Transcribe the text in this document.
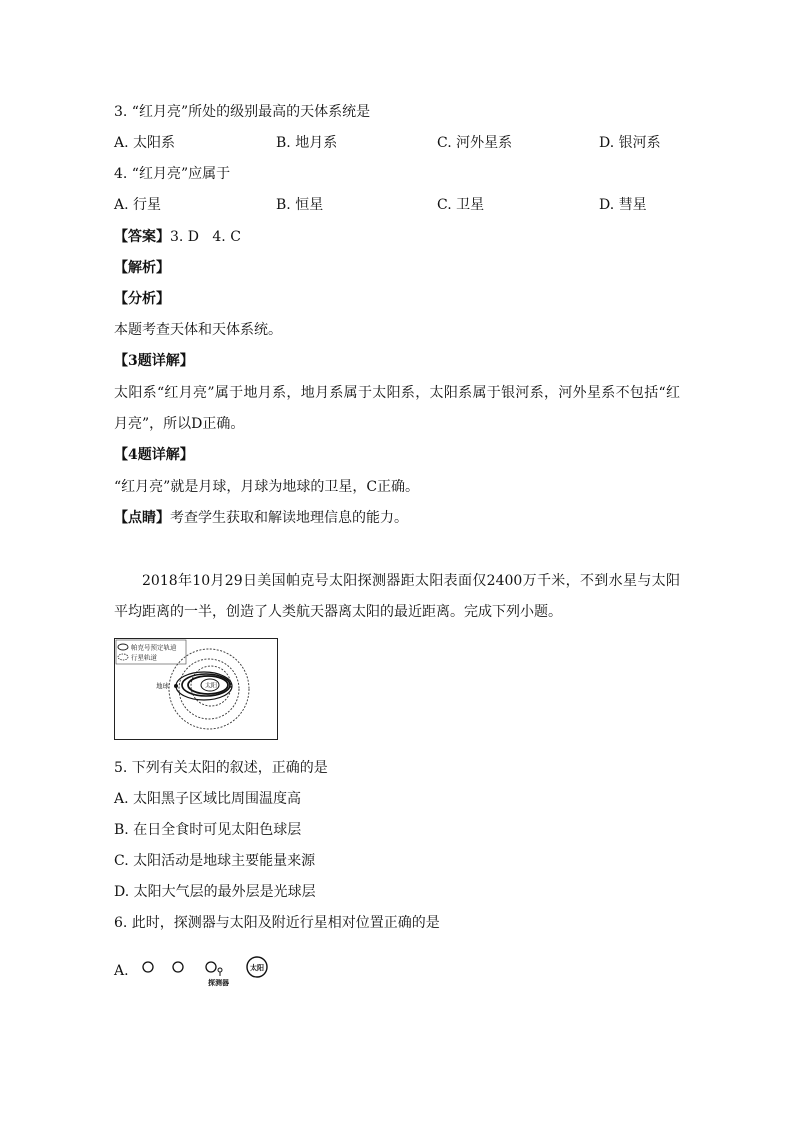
3. “红月亮”所处的级别最高的天体系统是
A. 太阳系	B. 地月系	C. 河外星系	D. 银河系
4. “红月亮”应属于
A. 行星	B. 恒星	C. 卫星	D. 彗星
【答案】3. D   4. C
【解析】
【分析】
本题考查天体和天体系统。
【3题详解】
太阳系“红月亮”属于地月系，地月系属于太阳系，太阳系属于银河系，河外星系不包括“红月亮”，所以D正确。
【4题详解】
“红月亮”就是月球，月球为地球的卫星，C正确。
【点睛】考查学生获取和解读地理信息的能力。
2018年10月29日美国帕克号太阳探测器距太阳表面仅2400万千米，不到水星与太阳平均距离的一半，创造了人类航天器离太阳的最近距离。完成下列小题。
帕克号预定轨道
行星轨道
太阳
地球
5. 下列有关太阳的叙述，正确的是
A. 太阳黑子区域比周围温度高
B. 在日全食时可见太阳色球层
C. 太阳活动是地球主要能量来源
D. 太阳大气层的最外层是光球层
6. 此时，探测器与太阳及附近行星相对位置正确的是
A.
探测器
太阳
